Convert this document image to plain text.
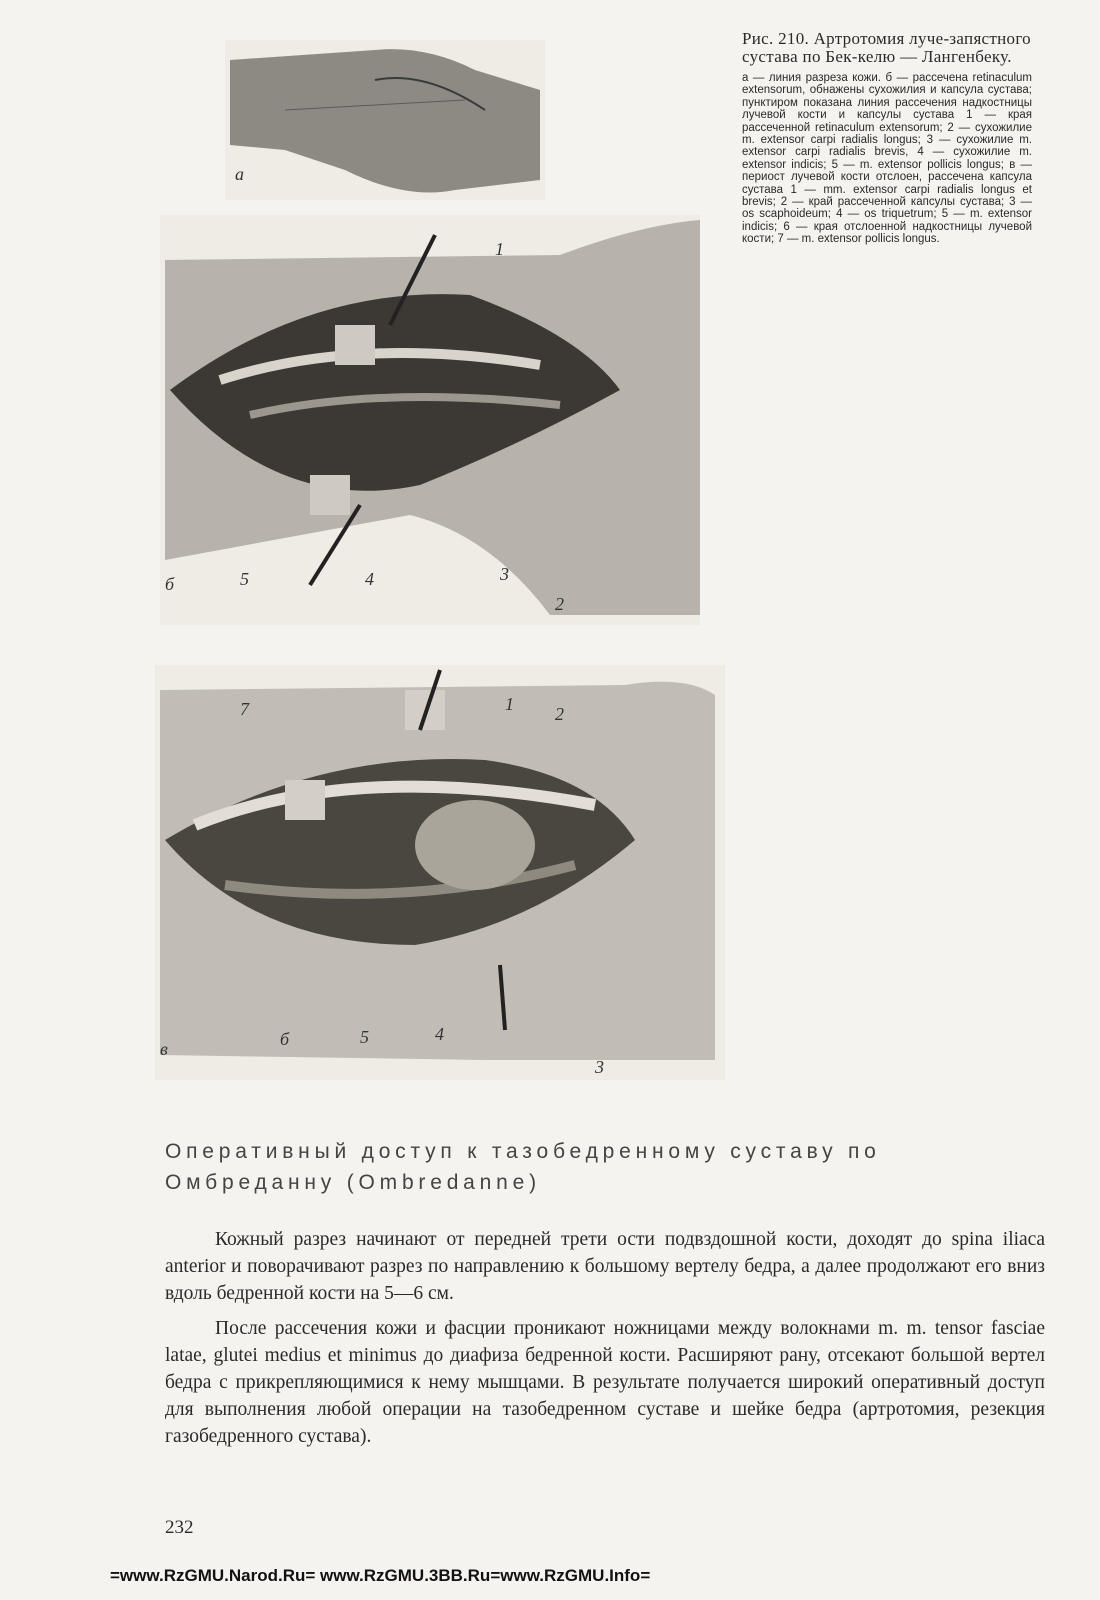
а
б	5	4	3
1
2
в	б	5	4
3
7	1 2

Рис. 210. Артротомия луче-запястного сустава по Бек-келю — Лангенбеку.

а — линия разреза кожи. б — рассечена retinaculum extensorum, обнажены сухожилия и капсула сустава; пунктиром показана линия рассечения надкостницы лучевой кости и капсулы сустава 1 — края рассеченной retinaculum extensorum; 2 — сухожилие m. extensor carpi radialis longus; 3 — сухожилие m. extensor carpi radialis brevis, 4 — сухожилие m. extensor indicis; 5 — m. extensor pollicis longus; в — периост лучевой кости отслоен, рассечена капсула сустава 1 — mm. extensor carpi radialis longus et brevis; 2 — край рассеченной капсулы сустава; 3 — os scaphoideum; 4 — os triquetrum; 5 — m. extensor indicis; 6 — края отслоенной надкостницы лучевой кости; 7 — m. extensor pollicis longus.

Оперативный доступ к тазобедренному суставу по Омбреданну (Ombredanne)

Кожный разрез начинают от передней трети ости подвздошной кости, доходят до spina iliaca anterior и поворачивают разрез по направлению к большому вертелу бедра, а далее продолжают его вниз вдоль бедренной кости на 5—6 см.

После рассечения кожи и фасции проникают ножницами между волокнами m. m. tensor fasciae latae, glutei medius et minimus до диафиза бедренной кости. Расширяют рану, отсекают большой вертел бедра с прикрепляющимися к нему мышцами. В результате получается широкий оперативный доступ для выполнения любой операции на тазобедренном суставе и шейке бедра (артротомия, резекция газобедренного сустава).

232
=www.RzGMU.Narod.Ru= www.RzGMU.3BB.Ru=www.RzGMU.Info=
